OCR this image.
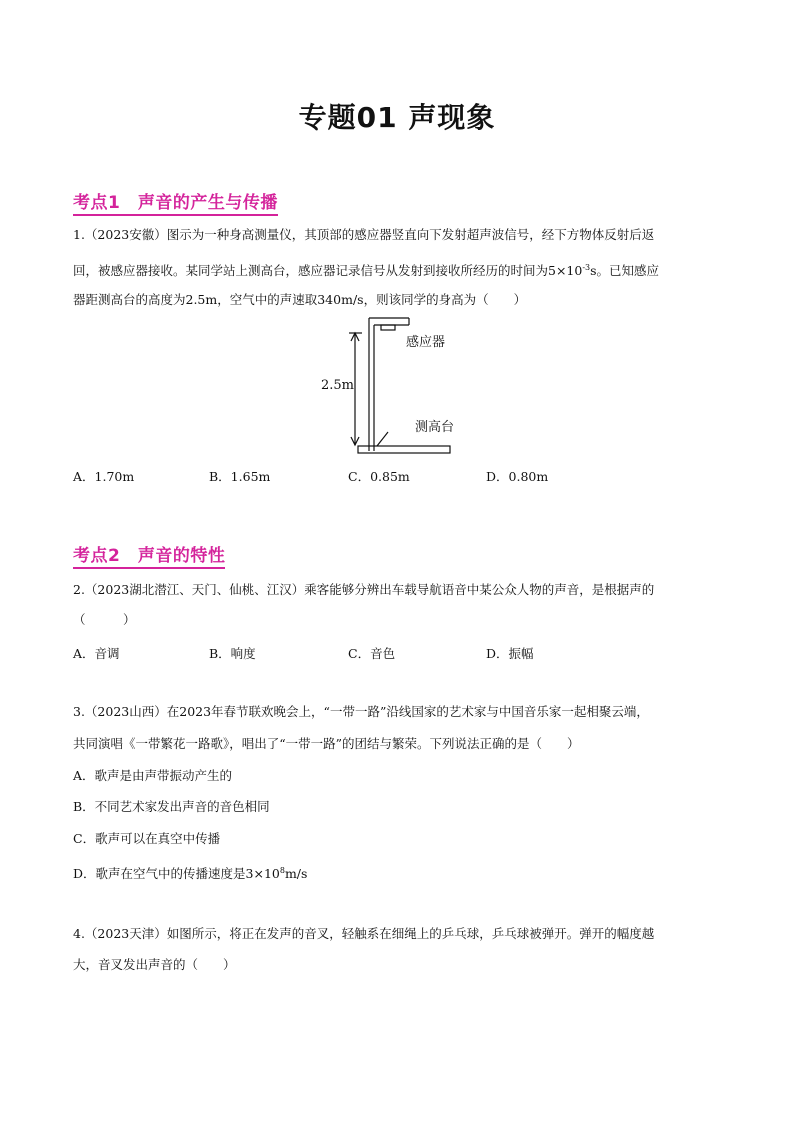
专题01 声现象
考点1　声音的产生与传播
1.（2023安徽）图示为一种身高测量仪，其顶部的感应器竖直向下发射超声波信号，经下方物体反射后返
回，被感应器接收。某同学站上测高台，感应器记录信号从发射到接收所经历的时间为$5\times 10^{-3}s$。已知感应
器距测高台的高度为2.5m，空气中的声速取340m/s，则该同学的身高为（　　）
感应器
2.5m
测高台
A．1.70m	B．1.65m	C．0.85m	D．0.80m
考点2　声音的特性
2.（2023湖北潜江、天门、仙桃、江汉）乘客能够分辨出车载导航语音中某公众人物的声音，是根据声的
（　　　）
A．音调	B．响度	C．音色	D．振幅
3.（2023山西）在2023年春节联欢晚会上，“一带一路”沿线国家的艺术家与中国音乐家一起相聚云端，
共同演唱《一带繁花一路歌》，唱出了“一带一路”的团结与繁荣。下列说法正确的是（　　）
A．歌声是由声带振动产生的
B．不同艺术家发出声音的音色相同
C．歌声可以在真空中传播
D．歌声在空气中的传播速度是$3\times 10^8m/s$
4.（2023天津）如图所示，将正在发声的音叉，轻触系在细绳上的乒乓球，乒乓球被弹开。弹开的幅度越
大，音叉发出声音的（　　）
